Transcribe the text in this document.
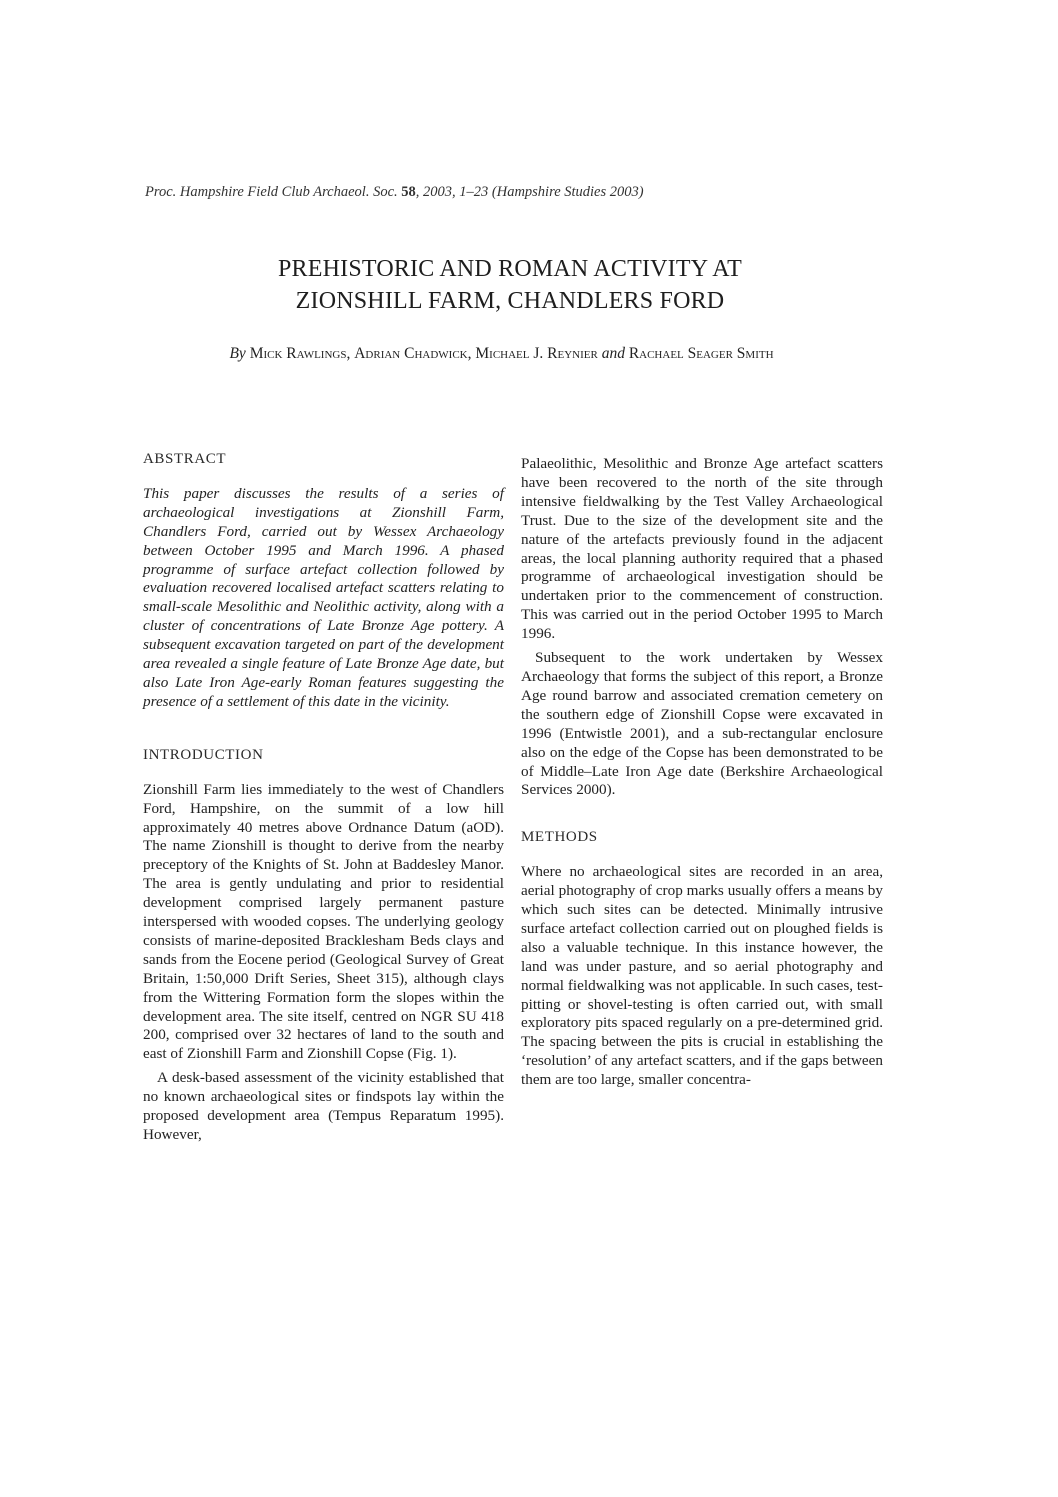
Proc. Hampshire Field Club Archaeol. Soc. 58, 2003, 1–23 (Hampshire Studies 2003)
PREHISTORIC AND ROMAN ACTIVITY AT
ZIONSHILL FARM, CHANDLERS FORD
By Mick Rawlings, Adrian Chadwick, Michael J. Reynier and Rachael Seager Smith
ABSTRACT

This paper discusses the results of a series of archaeological investigations at Zionshill Farm, Chandlers Ford, carried out by Wessex Archaeology between October 1995 and March 1996. A phased programme of surface artefact collection followed by evaluation recovered localised artefact scatters relating to small-scale Mesolithic and Neolithic activity, along with a cluster of concentrations of Late Bronze Age pottery. A subsequent excavation targeted on part of the development area revealed a single feature of Late Bronze Age date, but also Late Iron Age-early Roman features suggesting the presence of a settlement of this date in the vicinity.

INTRODUCTION

Zionshill Farm lies immediately to the west of Chandlers Ford, Hampshire, on the summit of a low hill approximately 40 metres above Ordnance Datum (aOD). The name Zionshill is thought to derive from the nearby preceptory of the Knights of St. John at Baddesley Manor. The area is gently undulating and prior to residential development comprised largely permanent pasture interspersed with wooded copses. The underlying geology consists of marine-deposited Bracklesham Beds clays and sands from the Eocene period (Geological Survey of Great Britain, 1:50,000 Drift Series, Sheet 315), although clays from the Wittering Formation form the slopes within the development area. The site itself, centred on NGR SU 418 200, comprised over 32 hectares of land to the south and east of Zionshill Farm and Zionshill Copse (Fig. 1).

A desk-based assessment of the vicinity established that no known archaeological sites or findspots lay within the proposed development area (Tempus Reparatum 1995). However,

Palaeolithic, Mesolithic and Bronze Age artefact scatters have been recovered to the north of the site through intensive fieldwalking by the Test Valley Archaeological Trust. Due to the size of the development site and the nature of the artefacts previously found in the adjacent areas, the local planning authority required that a phased programme of archaeological investigation should be undertaken prior to the commencement of construction. This was carried out in the period October 1995 to March 1996.

Subsequent to the work undertaken by Wessex Archaeology that forms the subject of this report, a Bronze Age round barrow and associated cremation cemetery on the southern edge of Zionshill Copse were excavated in 1996 (Entwistle 2001), and a sub-rectangular enclosure also on the edge of the Copse has been demonstrated to be of Middle–Late Iron Age date (Berkshire Archaeological Services 2000).

METHODS

Where no archaeological sites are recorded in an area, aerial photography of crop marks usually offers a means by which such sites can be detected. Minimally intrusive surface artefact collection carried out on ploughed fields is also a valuable technique. In this instance however, the land was under pasture, and so aerial photography and normal fieldwalking was not applicable. In such cases, test-pitting or shovel-testing is often carried out, with small exploratory pits spaced regularly on a pre-determined grid. The spacing between the pits is crucial in establishing the ‘resolution’ of any artefact scatters, and if the gaps between them are too large, smaller concentra-
